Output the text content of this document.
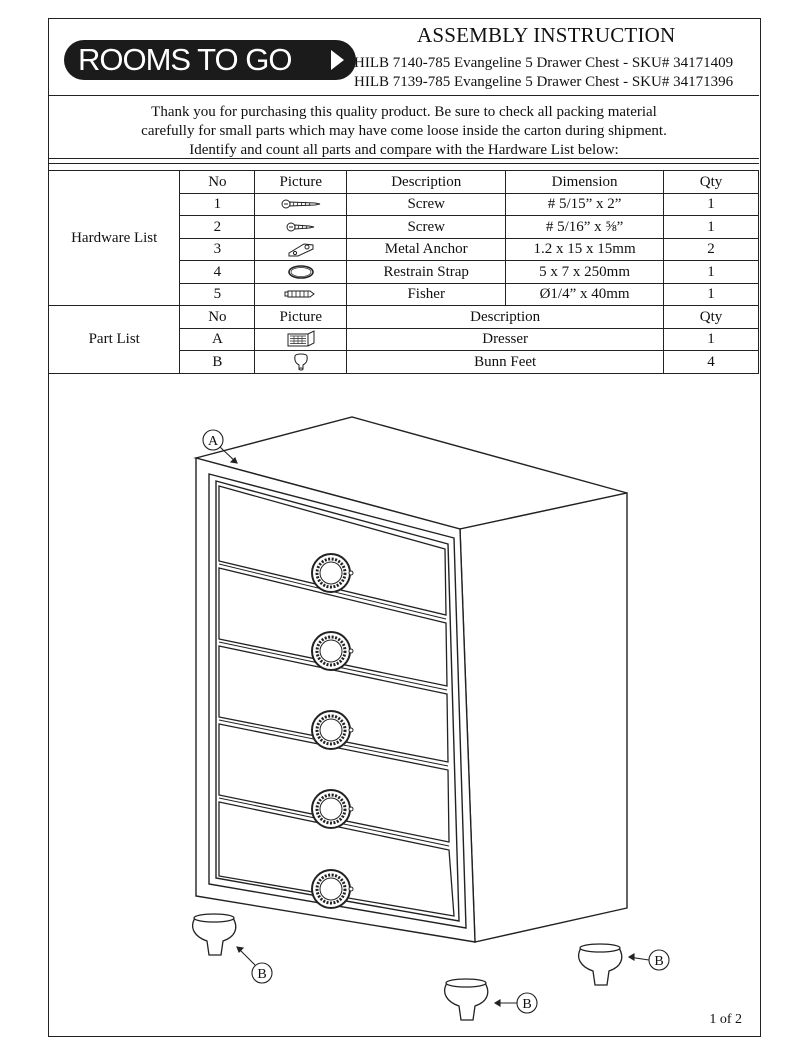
ROOMS TO GO
ASSEMBLY INSTRUCTION
HILB 7140-785 Evangeline 5 Drawer Chest - SKU# 34171409
HILB 7139-785 Evangeline 5 Drawer Chest - SKU# 34171396
Thank you for purchasing this quality product. Be sure to check all packing material
carefully for small parts which may have come loose inside the carton during shipment.
Identify and count all parts and compare with the Hardware List below:
Hardware List	No	Picture	Description	Dimension	Qty
	1		Screw	# 5/15” x 2”	1
	2		Screw	# 5/16” x ⅝”	1
	3		Metal Anchor	1.2 x 15 x 15mm	2
	4		Restrain Strap	5 x 7 x 250mm	1
	5		Fisher	Ø1/4” x 40mm	1
Part List	No	Picture	Description		Qty
	A		Dresser		1
	B		Bunn Feet		4
A
B
B
B
1 of 2
